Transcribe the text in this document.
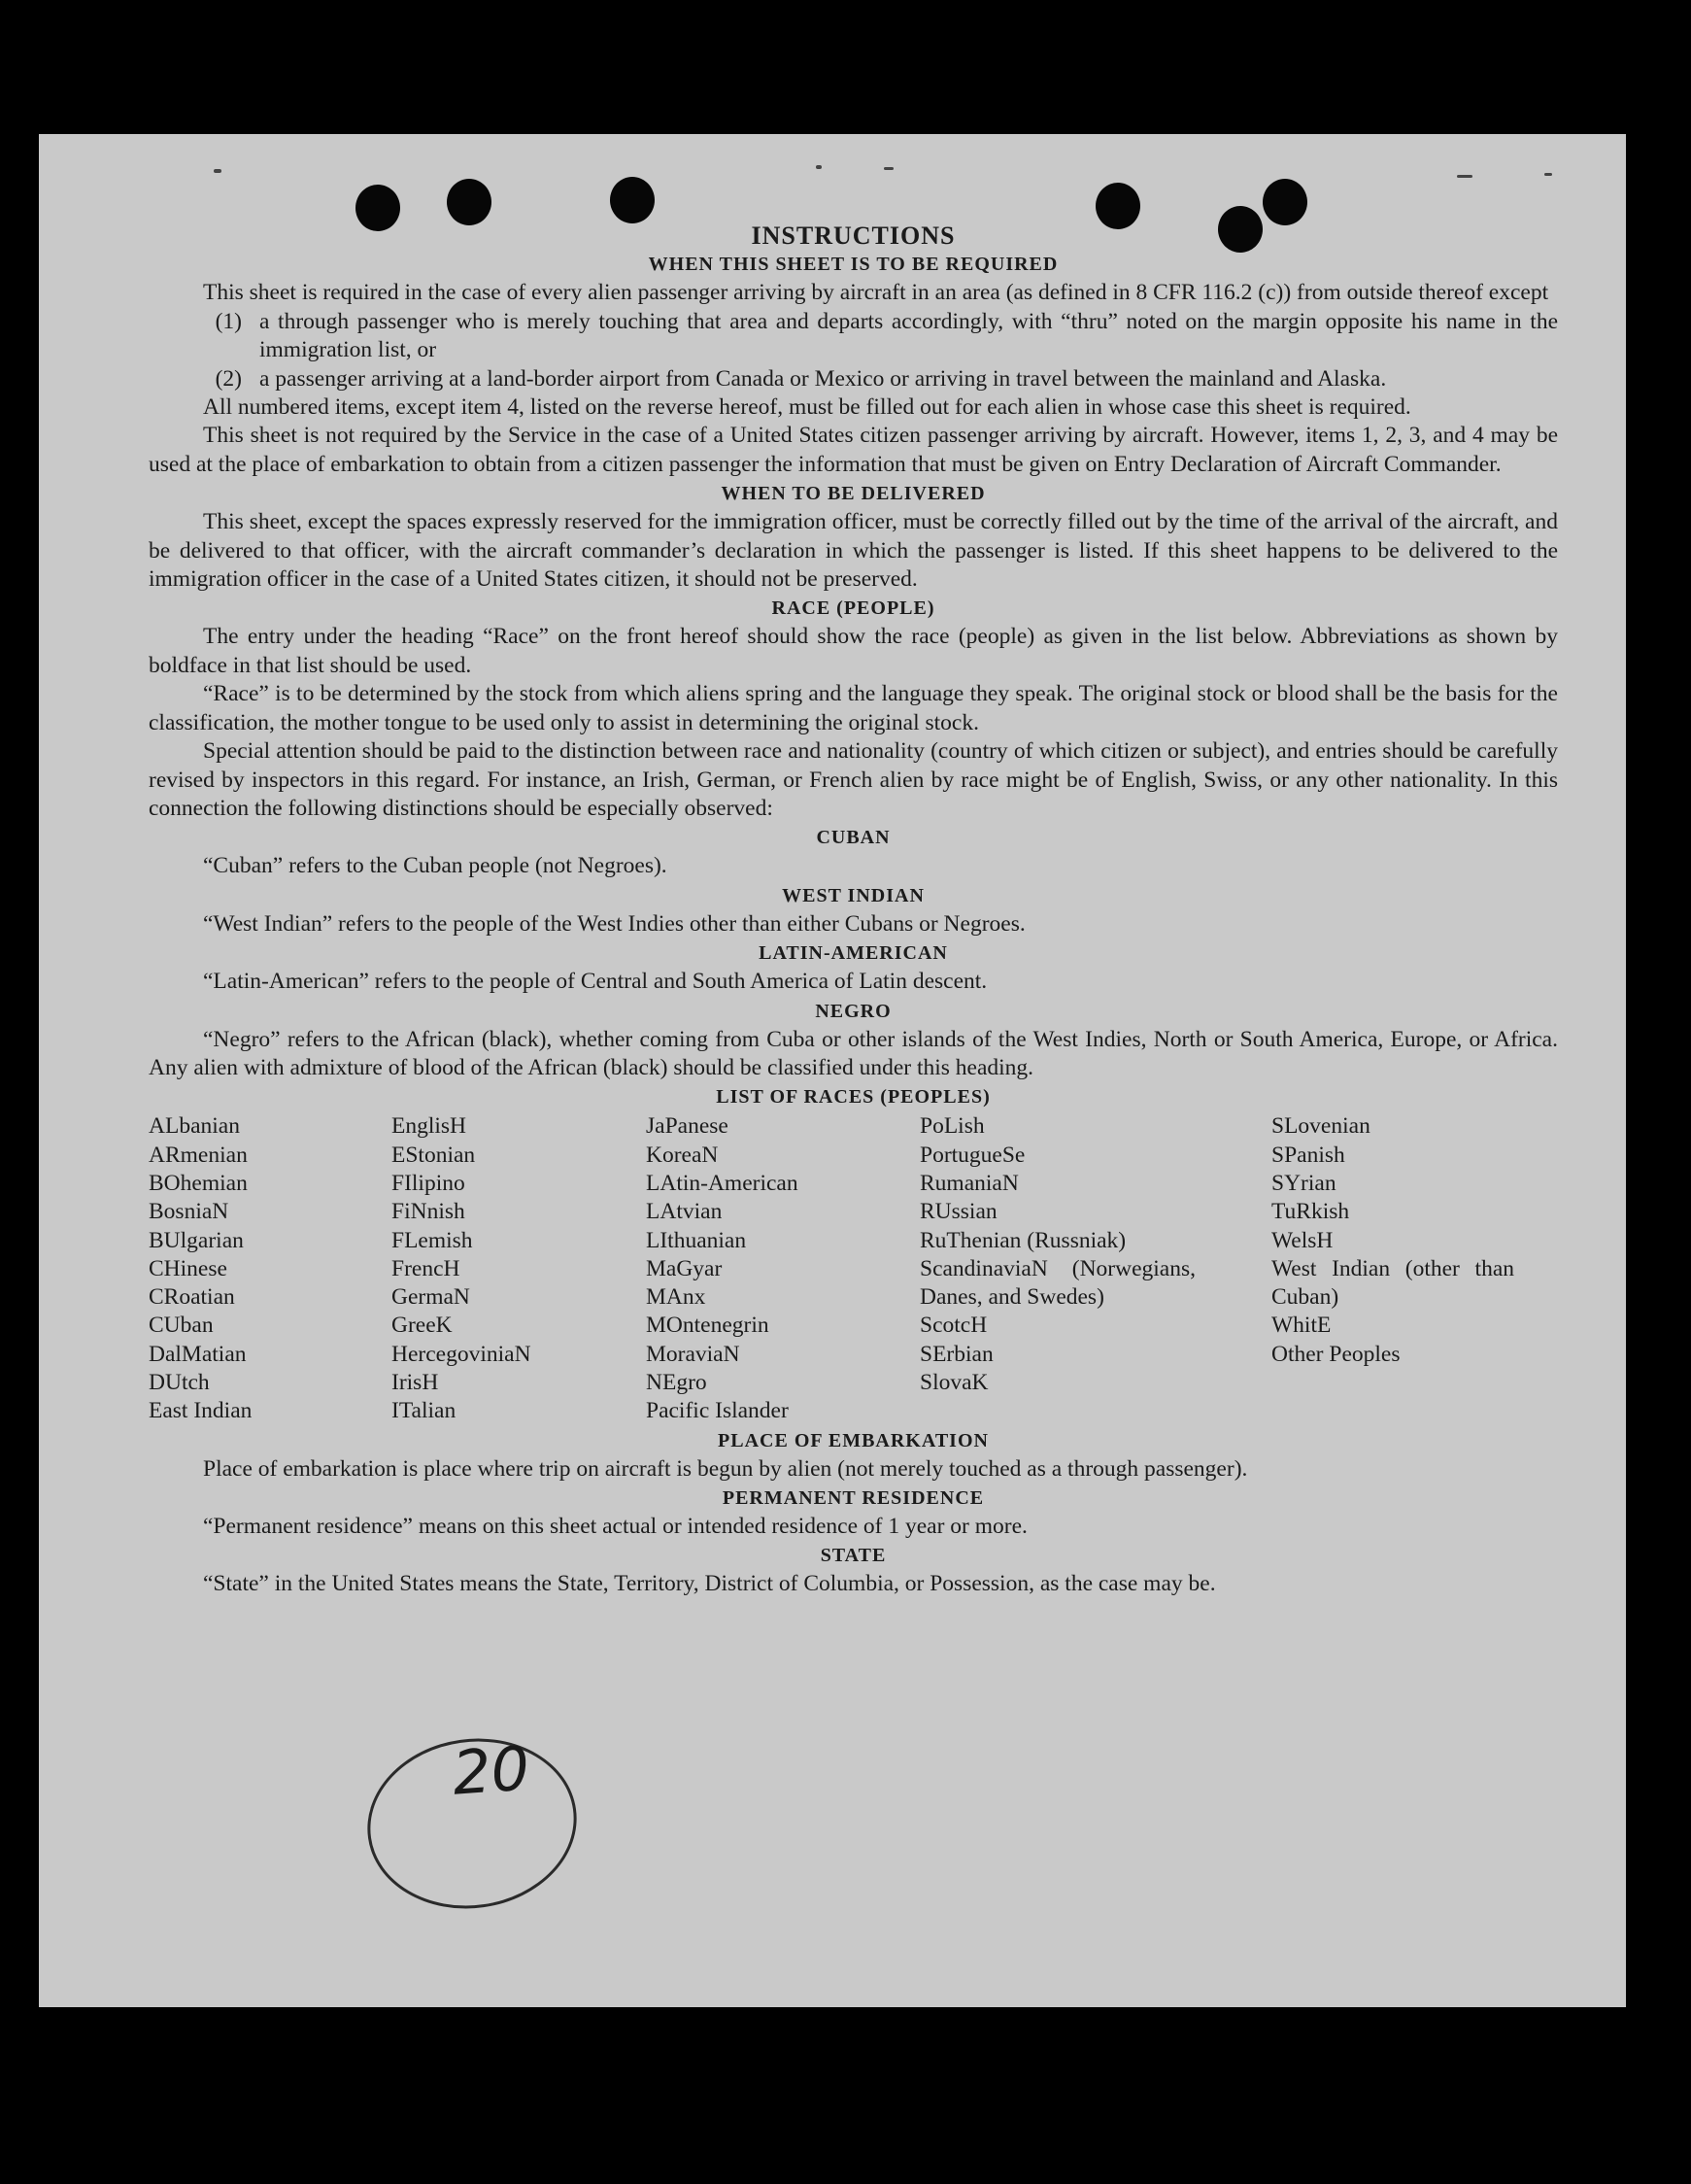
INSTRUCTIONS
WHEN THIS SHEET IS TO BE REQUIRED

This sheet is required in the case of every alien passenger arriving by aircraft in an area (as defined in 8 CFR 116.2 (c)) from outside thereof except

(1) a through passenger who is merely touching that area and departs accordingly, with “thru” noted on the margin opposite his name in the immigration list, or
(2) a passenger arriving at a land-border airport from Canada or Mexico or arriving in travel between the mainland and Alaska.

All numbered items, except item 4, listed on the reverse hereof, must be filled out for each alien in whose case this sheet is required.

This sheet is not required by the Service in the case of a United States citizen passenger arriving by aircraft. However, items 1, 2, 3, and 4 may be used at the place of embarkation to obtain from a citizen passenger the information that must be given on Entry Declaration of Aircraft Commander.

WHEN TO BE DELIVERED

This sheet, except the spaces expressly reserved for the immigration officer, must be correctly filled out by the time of the arrival of the aircraft, and be delivered to that officer, with the aircraft commander’s declaration in which the passenger is listed. If this sheet happens to be delivered to the immigration officer in the case of a United States citizen, it should not be preserved.

RACE (PEOPLE)

The entry under the heading “Race” on the front hereof should show the race (people) as given in the list below. Abbreviations as shown by boldface in that list should be used.

“Race” is to be determined by the stock from which aliens spring and the language they speak. The original stock or blood shall be the basis for the classification, the mother tongue to be used only to assist in determining the original stock.

Special attention should be paid to the distinction between race and nationality (country of which citizen or subject), and entries should be carefully revised by inspectors in this regard. For instance, an Irish, German, or French alien by race might be of English, Swiss, or any other nationality. In this connection the following distinctions should be especially observed:

CUBAN

“Cuban” refers to the Cuban people (not Negroes).

WEST INDIAN

“West Indian” refers to the people of the West Indies other than either Cubans or Negroes.

LATIN-AMERICAN

“Latin-American” refers to the people of Central and South America of Latin descent.

NEGRO

“Negro” refers to the African (black), whether coming from Cuba or other islands of the West Indies, North or South America, Europe, or Africa. Any alien with admixture of blood of the African (black) should be classified under this heading.

LIST OF RACES (PEOPLES)
ALbanian
ARmenian
BOhemian
BosniaN
BUlgarian
CHinese
CRoatian
CUban
DalMatian
DUtch
East Indian
EnglisH
EStonian
FIlipino
FiNnish
FLemish
FrencH
GermaN
GreeK
HercegoviniaN
IrisH
ITalian
JaPanese
KoreaN
LAtin-American
LAtvian
LIthuanian
MaGyar
MAnx
MOntenegrin
MoraviaN
NEgro
Pacific Islander
PoLish
PortugueSe
RumaniaN
RUssian
RuThenian (Russniak)
ScandinaviaN (Norwegians, Danes, and Swedes)
ScotcH
SErbian
SlovaK
SLovenian
SPanish
SYrian
TuRkish
WelsH
West Indian (other than Cuban)
WhitE
Other Peoples
PLACE OF EMBARKATION

Place of embarkation is place where trip on aircraft is begun by alien (not merely touched as a through passenger).

PERMANENT RESIDENCE

“Permanent residence” means on this sheet actual or intended residence of 1 year or more.

STATE

“State” in the United States means the State, Territory, District of Columbia, or Possession, as the case may be.

20
